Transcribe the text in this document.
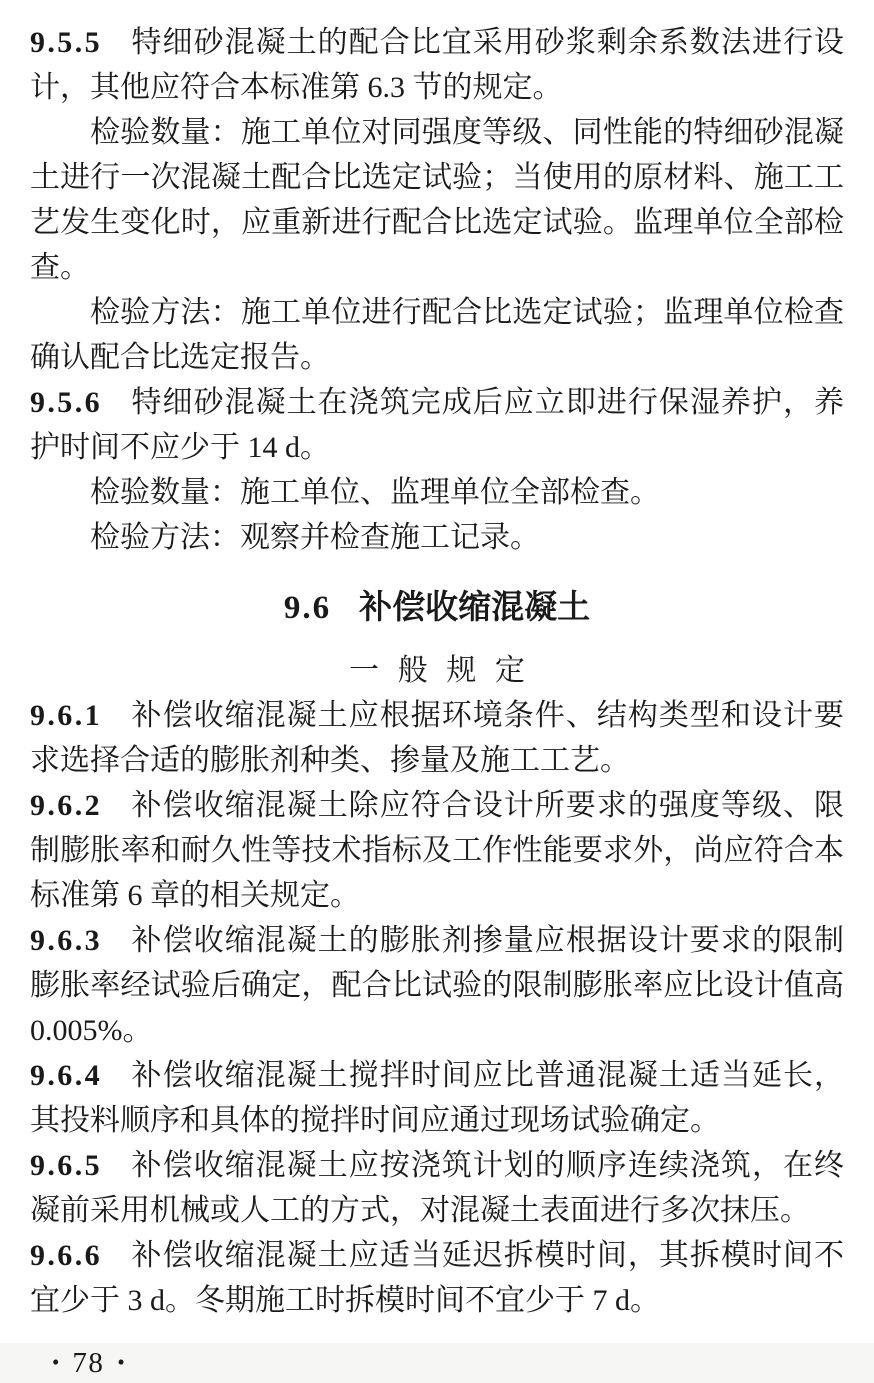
9.5.5 特细砂混凝土的配合比宜采用砂浆剩余系数法进行设计，其他应符合本标准第 6.3 节的规定。

检验数量：施工单位对同强度等级、同性能的特细砂混凝土进行一次混凝土配合比选定试验；当使用的原材料、施工工艺发生变化时，应重新进行配合比选定试验。监理单位全部检查。

检验方法：施工单位进行配合比选定试验；监理单位检查确认配合比选定报告。

9.5.6 特细砂混凝土在浇筑完成后应立即进行保湿养护，养护时间不应少于 14 d。

检验数量：施工单位、监理单位全部检查。

检验方法：观察并检查施工记录。

9.6 补偿收缩混凝土
一般规定

9.6.1 补偿收缩混凝土应根据环境条件、结构类型和设计要求选择合适的膨胀剂种类、掺量及施工工艺。

9.6.2 补偿收缩混凝土除应符合设计所要求的强度等级、限制膨胀率和耐久性等技术指标及工作性能要求外，尚应符合本标准第 6 章的相关规定。

9.6.3 补偿收缩混凝土的膨胀剂掺量应根据设计要求的限制膨胀率经试验后确定，配合比试验的限制膨胀率应比设计值高 0.005%。

9.6.4 补偿收缩混凝土搅拌时间应比普通混凝土适当延长，其投料顺序和具体的搅拌时间应通过现场试验确定。

9.6.5 补偿收缩混凝土应按浇筑计划的顺序连续浇筑，在终凝前采用机械或人工的方式，对混凝土表面进行多次抹压。

9.6.6 补偿收缩混凝土应适当延迟拆模时间，其拆模时间不宜少于 3 d。冬期施工时拆模时间不宜少于 7 d。

• 78 •
